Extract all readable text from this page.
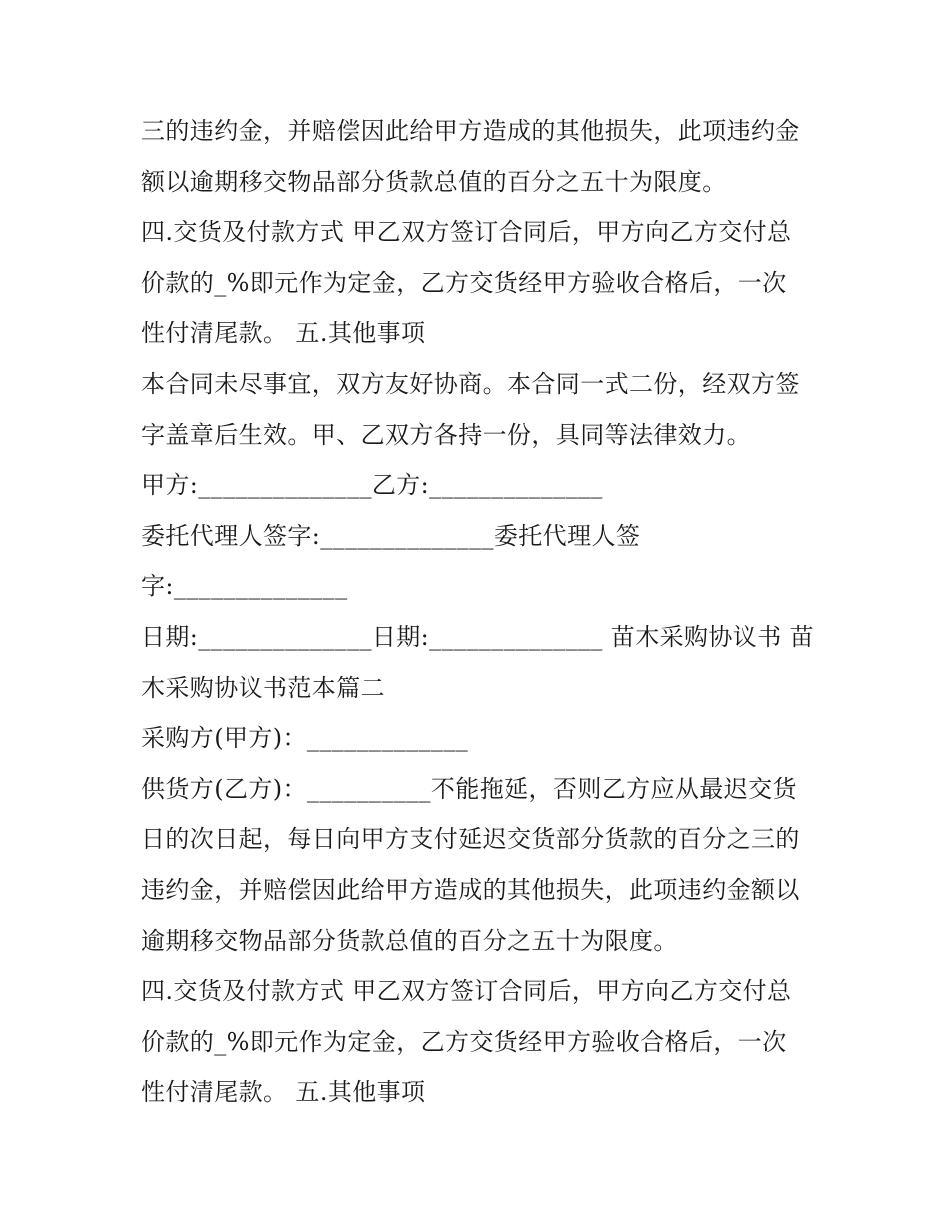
三的违约金，并赔偿因此给甲方造成的其他损失，此项违约金
额以逾期移交物品部分货款总值的百分之五十为限度。
四.交货及付款方式 甲乙双方签订合同后，甲方向乙方交付总
价款的_%即元作为定金，乙方交货经甲方验收合格后，一次
性付清尾款。 五.其他事项
本合同未尽事宜，双方友好协商。本合同一式二份，经双方签
字盖章后生效。甲、乙双方各持一份，具同等法律效力。
甲方:______________乙方:______________
委托代理人签字:______________委托代理人签
字:______________
日期:______________日期:______________ 苗木采购协议书 苗
木采购协议书范本篇二
采购方(甲方)：_____________
供货方(乙方)：__________不能拖延，否则乙方应从最迟交货
日的次日起，每日向甲方支付延迟交货部分货款的百分之三的
违约金，并赔偿因此给甲方造成的其他损失，此项违约金额以
逾期移交物品部分货款总值的百分之五十为限度。
四.交货及付款方式 甲乙双方签订合同后，甲方向乙方交付总
价款的_%即元作为定金，乙方交货经甲方验收合格后，一次
性付清尾款。 五.其他事项
